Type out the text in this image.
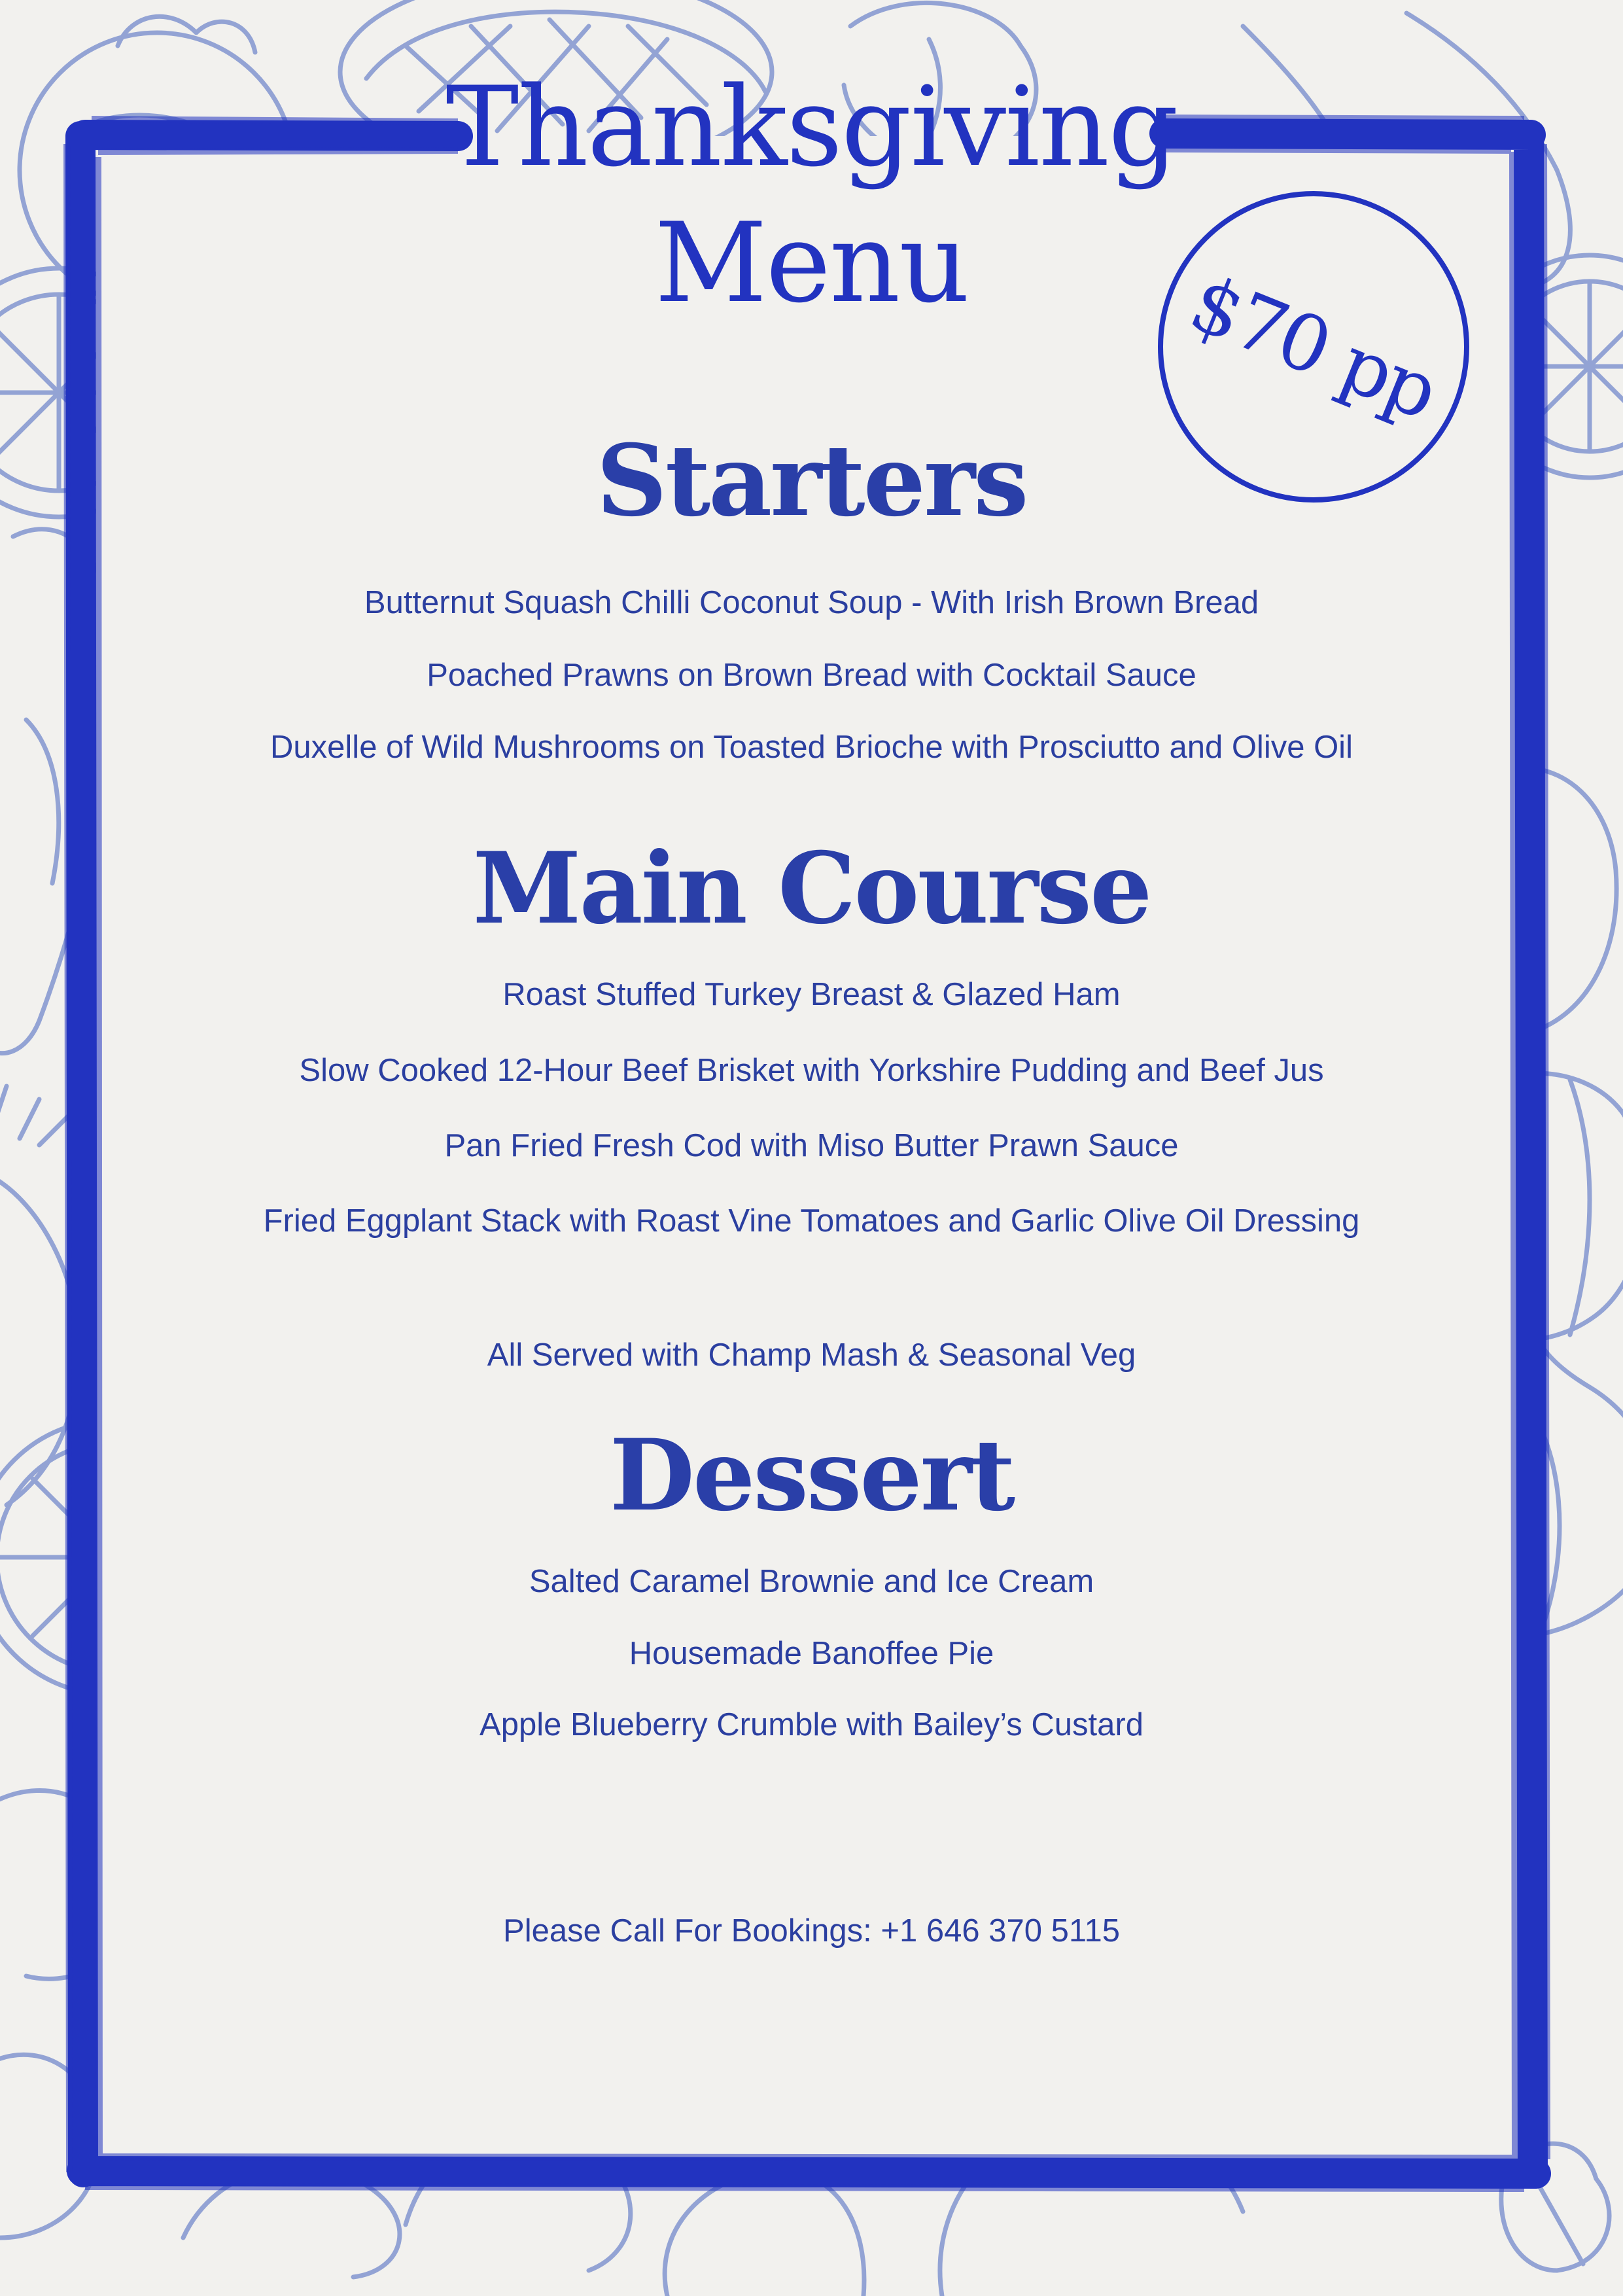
Thanksgiving
Menu	$70 pp
Starters
Butternut Squash Chilli Coconut Soup - With Irish Brown Bread
Poached Prawns on Brown Bread with Cocktail Sauce
Duxelle of Wild Mushrooms on Toasted Brioche with Prosciutto and Olive Oil
Main Course
Roast Stuffed Turkey Breast & Glazed Ham
Slow Cooked 12-Hour Beef Brisket with Yorkshire Pudding and Beef Jus
Pan Fried Fresh Cod with Miso Butter Prawn Sauce
Fried Eggplant Stack with Roast Vine Tomatoes and Garlic Olive Oil Dressing
All Served with Champ Mash & Seasonal Veg
Dessert
Salted Caramel Brownie and Ice Cream
Housemade Banoffee Pie
Apple Blueberry Crumble with Bailey’s Custard
Please Call For Bookings: +1 646 370 5115
